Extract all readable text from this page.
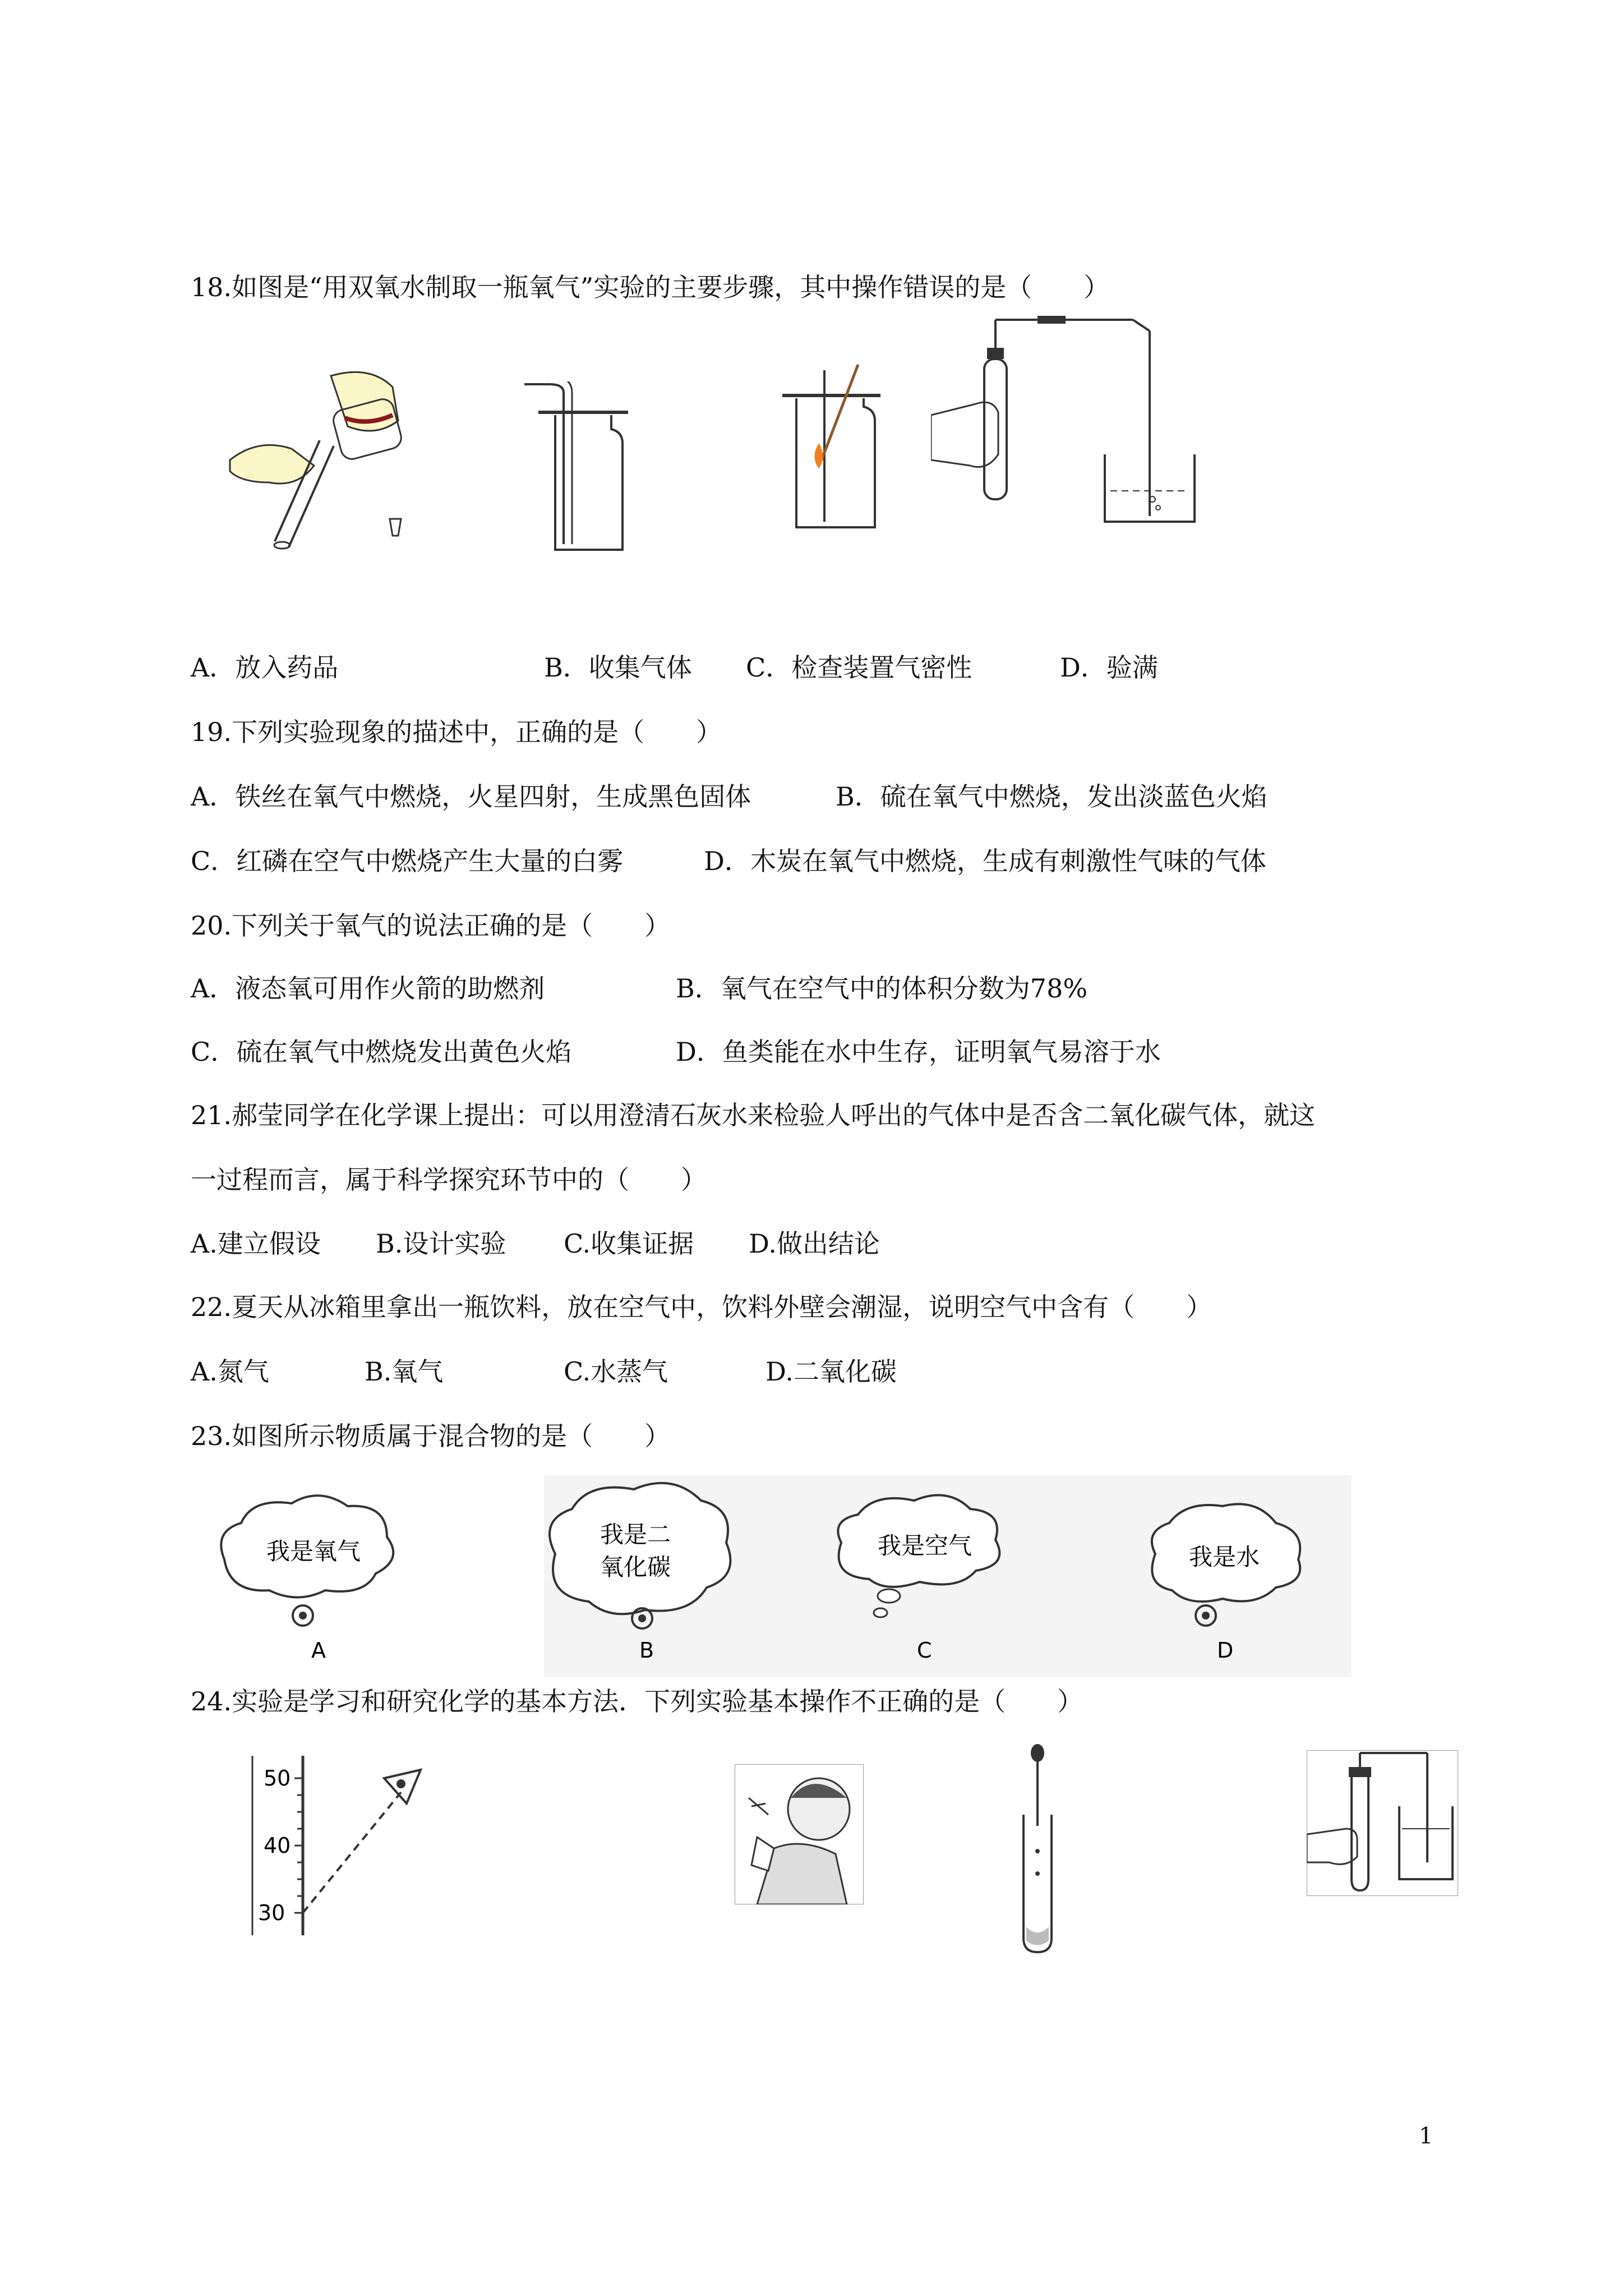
18.如图是“用双氧水制取一瓶氧气”实验的主要步骤，其中操作错误的是（　　）
A．放入药品	B．收集气体 C．检查装置气密性	D．验满
19.下列实验现象的描述中，正确的是（　　）
A．铁丝在氧气中燃烧，火星四射，生成黑色固体	B．硫在氧气中燃烧，发出淡蓝色火焰
C．红磷在空气中燃烧产生大量的白雾	D．木炭在氧气中燃烧，生成有刺激性气味的气体
20.下列关于氧气的说法正确的是（　　）
A．液态氧可用作火箭的助燃剂	B．氧气在空气中的体积分数为78%
C．硫在氧气中燃烧发出黄色火焰	D．鱼类能在水中生存，证明氧气易溶于水
21.郝莹同学在化学课上提出：可以用澄清石灰水来检验人呼出的气体中是否含二氧化碳气体，就这
一过程而言，属于科学探究环节中的（　　）
A.建立假设 B.设计实验 C.收集证据 D.做出结论
22.夏天从冰箱里拿出一瓶饮料，放在空气中，饮料外壁会潮湿，说明空气中含有（　　）
A.氮气	B.氧气	C.水蒸气	D.二氧化碳
23.如图所示物质属于混合物的是（　　）
我是氧气
A
我是二
氧化碳
B
我是空气
C
我是水
D
24.实验是学习和研究化学的基本方法．下列实验基本操作不正确的是（　　）
50
40
30
1
